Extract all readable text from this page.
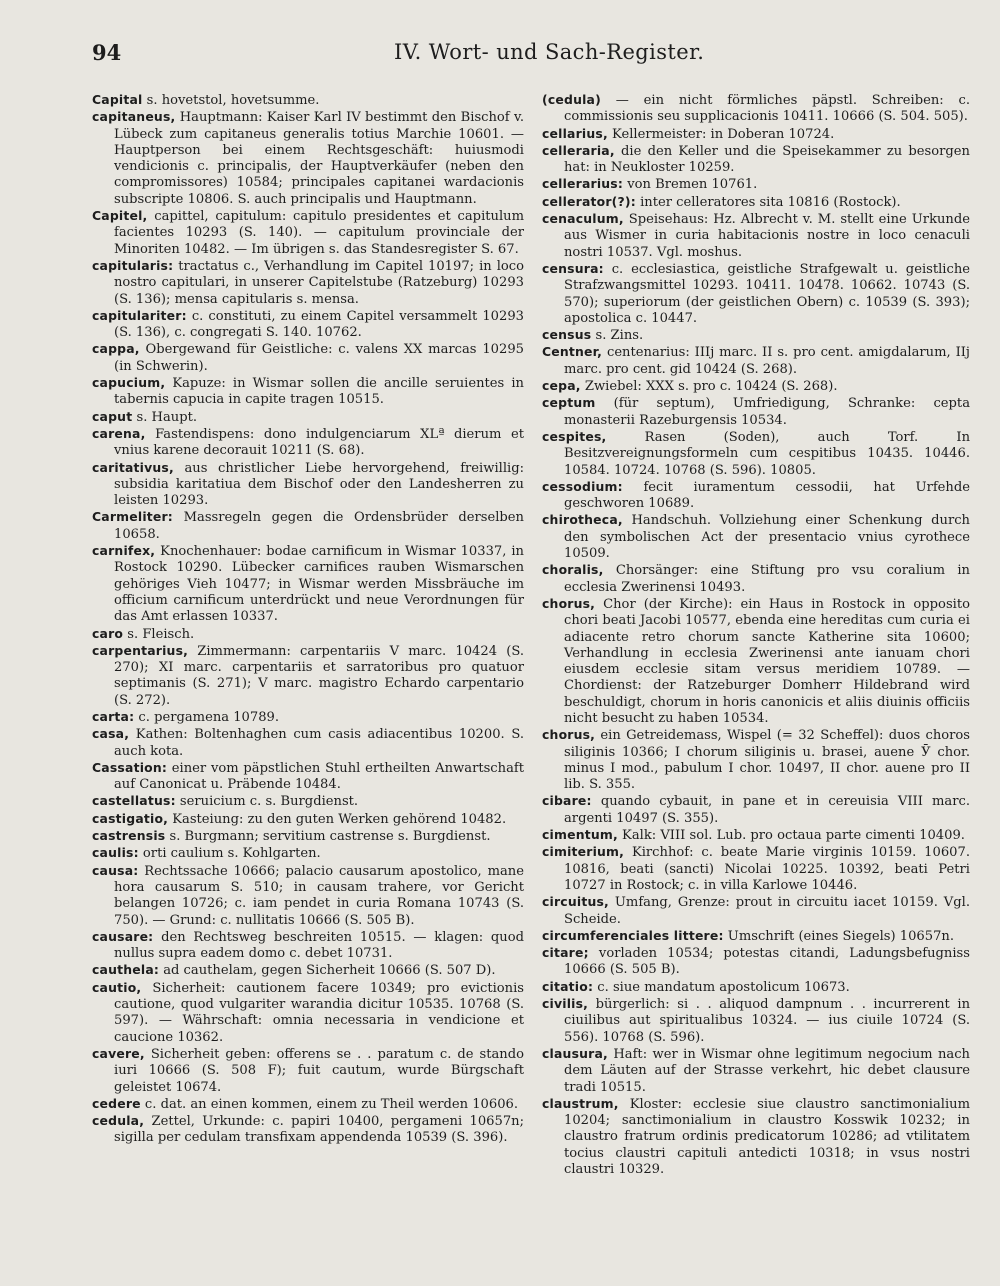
94	IV. Wort- und Sach-Register.

Capital s. hovetstol, hovetsumme.

capitaneus, Hauptmann: Kaiser Karl IV bestimmt den Bischof v. Lübeck zum capitaneus generalis totius Marchie 10601. — Hauptperson bei einem Rechtsgeschäft: huiusmodi vendicionis c. principalis, der Hauptverkäufer (neben den compromissores) 10584; principales capitanei wardacionis subscripte 10806. S. auch principalis und Hauptmann.

Capitel, capittel, capitulum: capitulo presidentes et capitulum facientes 10293 (S. 140). — capitulum provinciale der Minoriten 10482. — Im übrigen s. das Standesregister S. 67.

capitularis: tractatus c., Verhandlung im Capitel 10197; in loco nostro capitulari, in unserer Capitelstube (Ratzeburg) 10293 (S. 136); mensa capitularis s. mensa.

capitulariter: c. constituti, zu einem Capitel versammelt 10293 (S. 136), c. congregati S. 140. 10762.

cappa, Obergewand für Geistliche: c. valens XX marcas 10295 (in Schwerin).

capucium, Kapuze: in Wismar sollen die ancille seruientes in tabernis capucia in capite tragen 10515.

caput s. Haupt.

carena, Fastendispens: dono indulgenciarum XLª dierum et vnius karene decorauit 10211 (S. 68).

caritativus, aus christlicher Liebe hervorgehend, freiwillig: subsidia karitatiua dem Bischof oder den Landesherren zu leisten 10293.

Carmeliter: Massregeln gegen die Ordensbrüder derselben 10658.

carnifex, Knochenhauer: bodae carnificum in Wismar 10337, in Rostock 10290. Lübecker carnifices rauben Wismarschen gehöriges Vieh 10477; in Wismar werden Missbräuche im officium carnificum unterdrückt und neue Verordnungen für das Amt erlassen 10337.

caro s. Fleisch.

carpentarius, Zimmermann: carpentariis V marc. 10424 (S. 270); XI marc. carpentariis et sarratoribus pro quatuor septimanis (S. 271); V marc. magistro Echardo carpentario (S. 272).

carta: c. pergamena 10789.

casa, Kathen: Boltenhaghen cum casis adiacentibus 10200. S. auch kota.

Cassation: einer vom päpstlichen Stuhl ertheilten Anwartschaft auf Canonicat u. Präbende 10484.

castellatus: seruicium c. s. Burgdienst.

castigatio, Kasteiung: zu den guten Werken gehörend 10482.

castrensis s. Burgmann; servitium castrense s. Burgdienst.

caulis: orti caulium s. Kohlgarten.

causa: Rechtssache 10666; palacio causarum apostolico, mane hora causarum S. 510; in causam trahere, vor Gericht belangen 10726; c. iam pendet in curia Romana 10743 (S. 750). — Grund: c. nullitatis 10666 (S. 505 B).

causare: den Rechtsweg beschreiten 10515. — klagen: quod nullus supra eadem domo c. debet 10731.

cauthela: ad cauthelam, gegen Sicherheit 10666 (S. 507 D).

cautio, Sicherheit: cautionem facere 10349; pro evictionis cautione, quod vulgariter warandia dicitur 10535. 10768 (S. 597). — Währschaft: omnia necessaria in vendicione et caucione 10362.

cavere, Sicherheit geben: offerens se . . paratum c. de stando iuri 10666 (S. 508 F); fuit cautum, wurde Bürgschaft geleistet 10674.

cedere c. dat. an einen kommen, einem zu Theil werden 10606.

cedula, Zettel, Urkunde: c. papiri 10400, pergameni 10657n; sigilla per cedulam transfixam appendenda 10539 (S. 396).

(cedula) — ein nicht förmliches päpstl. Schreiben: c. commissionis seu supplicacionis 10411. 10666 (S. 504. 505).

cellarius, Kellermeister: in Doberan 10724.

celleraria, die den Keller und die Speisekammer zu besorgen hat: in Neukloster 10259.

cellerarius: von Bremen 10761.

cellerator(?): inter celleratores sita 10816 (Rostock).

cenaculum, Speisehaus: Hz. Albrecht v. M. stellt eine Urkunde aus Wismer in curia habitacionis nostre in loco cenaculi nostri 10537. Vgl. moshus.

censura: c. ecclesiastica, geistliche Strafgewalt u. geistliche Strafzwangsmittel 10293. 10411. 10478. 10662. 10743 (S. 570); superiorum (der geistlichen Obern) c. 10539 (S. 393); apostolica c. 10447.

census s. Zins.

Centner, centenarius: IIIj marc. II s. pro cent. amigdalarum, IIj marc. pro cent. gid 10424 (S. 268).

cepa, Zwiebel: XXX s. pro c. 10424 (S. 268).

ceptum (für septum), Umfriedigung, Schranke: cepta monasterii Razeburgensis 10534.

cespites, Rasen (Soden), auch Torf. In Besitzvereignungsformeln cum cespitibus 10435. 10446. 10584. 10724. 10768 (S. 596). 10805.

cessodium: fecit iuramentum cessodii, hat Urfehde geschworen 10689.

chirotheca, Handschuh. Vollziehung einer Schenkung durch den symbolischen Act der presentacio vnius cyrothece 10509.

choralis, Chorsänger: eine Stiftung pro vsu coralium in ecclesia Zwerinensi 10493.

chorus, Chor (der Kirche): ein Haus in Rostock in opposito chori beati Jacobi 10577, ebenda eine hereditas cum curia ei adiacente retro chorum sancte Katherine sita 10600; Verhandlung in ecclesia Zwerinensi ante ianuam chori eiusdem ecclesie sitam versus meridiem 10789. — Chordienst: der Ratzeburger Domherr Hildebrand wird beschuldigt, chorum in horis canonicis et aliis diuinis officiis nicht besucht zu haben 10534.

chorus, ein Getreidemass, Wispel (= 32 Scheffel): duos choros siliginis 10366; I chorum siliginis u. brasei, auene Ӯ chor. minus I mod., pabulum I chor. 10497, II chor. auene pro II lib. S. 355.

cibare: quando cybauit, in pane et in cereuisia VIII marc. argenti 10497 (S. 355).

cimentum, Kalk: VIII sol. Lub. pro octaua parte cimenti 10409.

cimiterium, Kirchhof: c. beate Marie virginis 10159. 10607. 10816, beati (sancti) Nicolai 10225. 10392, beati Petri 10727 in Rostock; c. in villa Karlowe 10446.

circuitus, Umfang, Grenze: prout in circuitu iacet 10159. Vgl. Scheide.

circumferenciales littere: Umschrift (eines Siegels) 10657n.

citare; vorladen 10534; potestas citandi, Ladungsbefugniss 10666 (S. 505 B).

citatio: c. siue mandatum apostolicum 10673.

civilis, bürgerlich: si . . aliquod dampnum . . incurrerent in ciuilibus aut spiritualibus 10324. — ius ciuile 10724 (S. 556). 10768 (S. 596).

clausura, Haft: wer in Wismar ohne legitimum negocium nach dem Läuten auf der Strasse verkehrt, hic debet clausure tradi 10515.

claustrum, Kloster: ecclesie siue claustro sanctimonialium 10204; sanctimonialium in claustro Kosswik 10232; in claustro fratrum ordinis predicatorum 10286; ad vtilitatem tocius claustri capituli antedicti 10318; in vsus nostri claustri 10329.
